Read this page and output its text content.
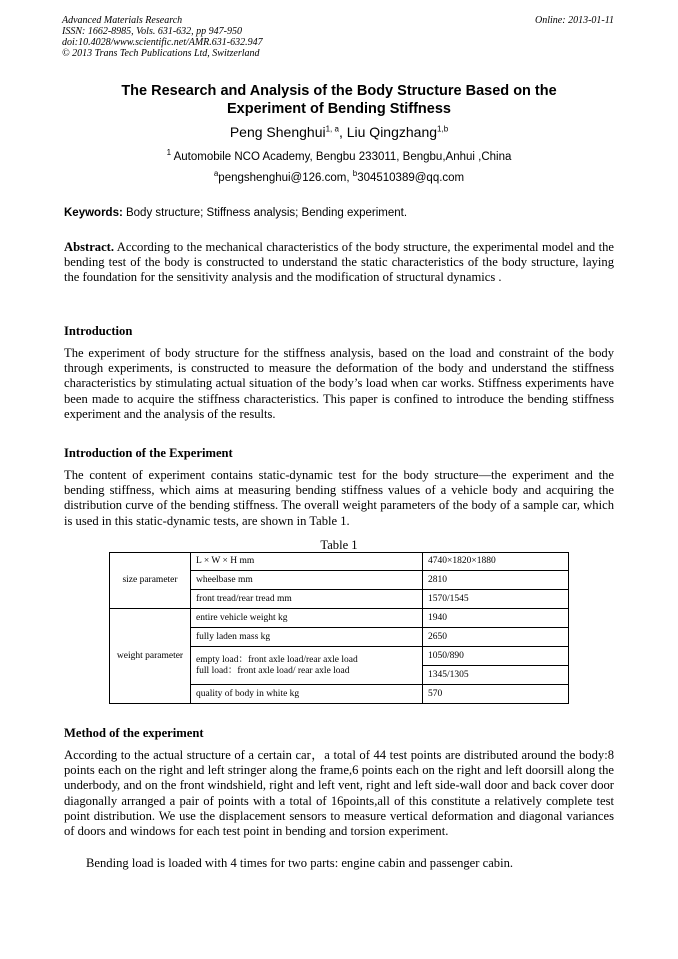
Advanced Materials Research
ISSN: 1662-8985, Vols. 631-632, pp 947-950
doi:10.4028/www.scientific.net/AMR.631-632.947
© 2013 Trans Tech Publications Ltd, Switzerland
Online: 2013-01-11
The Research and Analysis of the Body Structure Based on the
Experiment of Bending Stiffness
Peng Shenghui$^{1, a}$, Liu Qingzhang$^{1,b}$
$^1$ Automobile NCO Academy, Bengbu 233011, Bengbu,Anhui ,China
$^a$pengshenghui@126.com, $^b$304510389@qq.com
Keywords: Body structure; Stiffness analysis; Bending experiment.

Abstract. According to the mechanical characteristics of the body structure, the experimental model and the bending test of the body is constructed to understand the static characteristics of the body structure, laying the foundation for the sensitivity analysis and the modification of structural dynamics .

Introduction

The experiment of body structure for the stiffness analysis, based on the load and constraint of the body through experiments, is constructed to measure the deformation of the body and understand the stiffness characteristics by stimulating actual situation of the body’s load when car works. Stiffness experiments have been made to acquire the stiffness characteristics. This paper is confined to introduce the bending stiffness experiment and the analysis of the results.

Introduction of the Experiment

The content of experiment contains static-dynamic test for the body structure—the experiment and the bending stiffness, which aims at measuring bending stiffness values of a vehicle body and acquiring the distribution curve of the bending stiffness. The overall weight parameters of the body of a sample car, which is used in this static-dynamic tests, are shown in Table 1.

Table 1
size parameter	L × W × H mm	4740×1820×1880
	wheelbase mm	2810
	front tread/rear tread mm	1570/1545
weight parameter	entire vehicle weight kg	1940
	fully laden mass kg	2650

	empty load：front axle load/rear axle load
full load：front axle load/ rear axle load	1050/890
		1345/1305
	quality of body in white kg	570
Method of the experiment

According to the actual structure of a certain car，a total of 44 test points are distributed around the body:8 points each on the right and left stringer along the frame,6 points each on the right and left doorsill along the underbody, and on the front windshield, right and left vent, right and left side-wall door and back cover door diagonally arranged a pair of points with a total of 16points,all of this constitute a relatively complete test point distribution. We use the displacement sensors to measure vertical deformation and diagonal variances of doors and windows for each test point in bending and torsion experiment.

Bending load is loaded with 4 times for two parts: engine cabin and passenger cabin.
